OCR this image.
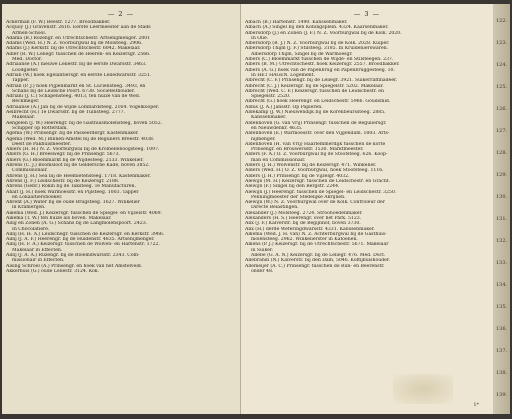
— 2 —
Ackerman (F. W.) Beestr. 1277. Broodbakker.
Acquoy (J.) Gravenstr. 2616. Eerste Leermeester aan de Stads
Armen-School.
Adama (B.) Rozengr. en Utrechtschestr. Artsenijmenger. 2001
Adams (Wed. H.) N. Z. Voorburgwal bij de Molsteeg. 2906.
Adams (J.) Kerkstr. bij de Utrechtschestr. 6042. Makelaar.
Adler (R. W.) Leliegr. tusschen de Heeren- en Keizersgr. 2566.
Med. Doctor.
Adriaanse (A.) nieuwe Leliestr. bij de eerste Dwarsstr. 3463.
Loodgieter.
Adrian (W.) hoek Egelantiersgr. en eerste Leliedwarsstr. 3251.
Tapper.
Adrian (P. J.) hoek Pijpenmarkt en St. Luciënsteeg. 3493, en
Schans bij de Leidsche Poort. 6738. Societeithouder.
Adriani (J. C.) Schapensteeg. 4013, ten huize van de Wed.
Beckmeijer.
Adriaanse (A.) Jan bij de wijde Lombardsteeg. 2164. Vogelkooper.
Aelbrecht (H.) 1e Dwarsstr. bij de Tuinsteeg. 2777.
Makelaar.
Aengelen (J. W.) Heerengr. bij de Gasthuismolensteeg, boven 5052.
Schipper op Rotterdam.
Agema (W.) Prinsengr. bij de Passeerdergr. Kastenmaker.
Agema (Wed. M.) Binnen-Amstel bij de Reguliers Breestr. 4038.
Deelt de Pakhuismeester.
Ahlers (H. H.) N. Z. Voorburgwal bij de Kromelleboogsteeg. 1097.
Ahlers (G. H.) Breeswegr. bij de Prinsengr. 5673.
Ahlers (G.) Bloemmarkt bij de Wijdesteeg. 2133. Winkelier.
Ahrens (C. J.) Boomsloot bij de Geldersche Kade, boven 3852.
Commissionair.
Ahrens (J. H.) Sea bij de Heemietensteeg. 1718. Kastenmaker.
Ahrens (J. F.) Leidschestr. bij de Keizersgr. 2188.
Ahrens (Gebr.) Rokin bij de Taksteeg. Te Manufacturen.
Ahalt (J. H.) hoek Warmoesstr. en Pijlsteeg. 1003. Tapper
en Lokaaltiershoeker.
Ahrent (A.) Water bij de oude Brugsteeg. 1627. Winkelier
in Kramerijen.
Aikema (Wed. J.) Keizersgr. tusschen de Spiegel- en Vijzelstr. 4069.
Aikema (T. W.) ten huize als boven. Makelaar.
Ailig en Zonen (A. G.) Schans bij de Langmolenspoort. 2423.
In Chocolatière.
Aillij (H. H. A.) Leidschegr. tusschen de Keizersgr. en Kerkstr. 3966.
Aillij (J. A. F.) Heerengr. bij de Huidenstr. 4835. Artsenijmenger.
Aillij (H. F. A.) Keizersgr. tusschen de Wolven- en Hartenstr. 1722.
Makelaar in Effecten.
Aillij (J. A. A.) Ruzengr. bij de Bloemdwarsstr. 2343. Com-
missionair in Effecten.
Aising Schroel (A.) Prinsengr. en hoek van het Amstelveld.
Akkerhuis (G.) oude Leliestr. 3124. Kok.
— 3 —
Albach (B.) Hartenstr. 1490. Kanssenmaker.
Albach (A.) Singel bij den Koningsplein. 4324. Kaarsenmaker.
Albersdorp (J.) en Zonen (J. F.) N. Z. Voorburgwal bij de Kolk. 2020.
In Olie.
Albersdorp (B. J.) N. Z. Voorburgwal bij de Kolk. 2028. Kuiper.
Albersdorp Thijm (J. F.) Stilsteeg. 3185. In Kruidenierswaren.
Albersdorp Thijm, Singel bij de Warmoesgr.
Albers (C.) Bloemmarkt tusschen de Wijde- en Stilsteegen. 237.
Albers (B. M.) Utrechtschestr. hoek Keizersgr. 2557. Broodbakker.
Albers (A. G.) hoek van de Papenbrug en Papenbruggesteeg. 10.
In HET HAGEN. Logement.
Albrecht (C. F.) Prinsengr. bij de Leliegr. 3921. Suikerraffinadeer.
Albrecht (C. J.) Keizersgr. bij de Spiegelstr. 5202. Makelaar.
Albrecht (Wed. C. F.) Keizersgr. tusschen de Leidschestr. en
Spiegelstr. 2520.
Albrecht (G.) hoek Heerengr. en Leidschestr. 5966. Goudsmid.
Aldus (J. A.) Jansstr. Op Papieren.
Aldekamp (J. W.) Nieuwendijk bij de Korenbeurssteeg. 2885.
Kanssenmaker.
Aldenhoven (G. van Vrij) Prinsengr. tusschen de Reguliersgr.
en Nieuwdenkr. 4635.
Aldenhoven (E.) Warmoesstr. over den Vijgendam. 1803. Arts-
nijmenger.
Aldenhoven (H. van Vrij) Haarlemmerdijk tusschen de korte
Prinsengr. en Brouwersstr. 1530. Marktmeester.
Alders (F. A.) O. Z. Voorburgwal bij de Stoofsteeg. 626. Koop-
man en Commissionair.
Alders (J. H.) Wolvenstr. bij de Keizersgr. 471. Winkelier.
Alders (Wed. H.) O. Z. Voorburgwal, hoek Stoofsteeg. 1116.
Alders (J. H.) Prinsengr. bij de Vijzelgr. 4032.
Alewijn (M. H.) Keizersgr. tusschen de Leidschestr. en Gracht.
Alewijn (F.) Singel bij den Bergstr. 2244.
Alewijn (J.) Heerengr. tusschen de Spiegel- en Leidschestr. 3250.
Penningmeester der Stedelijke Akrijnen.
Alewijn (W.) N. Z. Voorburgwal over de Kolk. Controleur der
Directe Belastingen.
Alexander (J.) Molsteeg. 2724. Stroohoedenmaker.
Alexanders (H. S.) Heerengr. over het Park. 5123.
Alix (J. F.) Kalverstr. bij de Begijnhof, boven 3730.
Alix (H.) derde Weteringdwarsstr. 4331. Kanssenmaker.
Alkema (Wed. J. H. van) N. Z. Achterburgwal bij de Gasthuis-
molensteeg. 2962. Winkelierster in Katoenen.
Alkens (P. J.) Keizersgr. bij de Utrechtschestr. 5671. Makelaar
in Suiker.
Allebé (G. A. N.) Keizersgr. bij de Leliegr. 476. Med. Doct.
Allebrandi (N.) Kalverstr. bij den Dam, 5046. Koffijhuishouder.
Allemeijer (A. C.) Prinsengr. tusschen de Run- en Beerenstr.
onder 48.
1*
122.
123.
124.
125.
126.
127.
128.
129.
130.
131.
132.
133.
134.
135.
136.
137.
138.
139.
